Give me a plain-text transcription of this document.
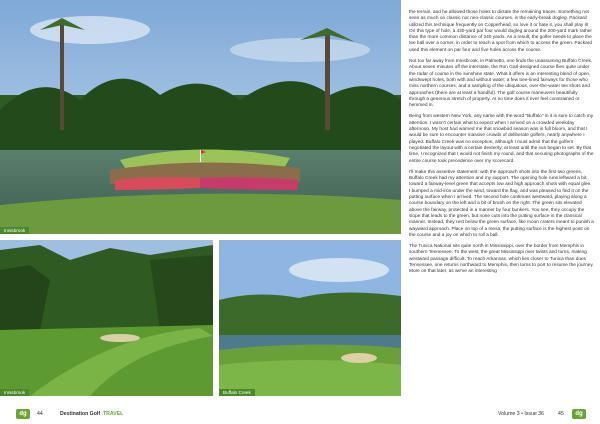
Innisbrook
Innisbrook	Buffalo Creek

the terrain, and he allowed those holes to dictate the remaining traces. Something not seen as much on classic nor neo-classic courses, is the early-break dogleg. Packard utilized this technique frequently on Copperhead, so love it or hate it, you shall play it! On this type of hole, a 430-yard par four would dogleg around the 200-yard mark rather than the more common distance of 240 yards. As a result, the golfer needs to place the tee ball over a corner, in order to reach a spot from which to access the green. Packard used this element on par four and five holes across the course.

Not too far away from Innisbrook, in Palmetto, one finds the unassuming Buffalo Creek. About seven minutes off the interstate, the Ron Garl-designed course flies quite under the radar of course in the sunshine state. What it offers is an interesting blend of open, windswept holes, both with and without water; a few tree-lined fairways for those who miss northern courses, and a sampling of the ubiquitous, over-the-water tee shots and approaches (there are at least a handful). The golf course maneuvers beautifully through a generous stretch of property. At no time does it ever feel constrained or hemmed in.

Being from western New York, any name with the word "Buffalo" in it is sure to catch my attention. I wasn't certain what to expect when I arrived on a crowded weekday afternoon. My host had warned me that snowbird season was in full bloom, and that I would be sure to encounter massive crowds of deliberate golfers, nearly anywhere I played. Buffalo Creek was no exception, although I must admit that the golfers negotiated the layout with a certain dexterity, at least until the sun began to set. By that time, I recognized that I would not finish my round, and that securing photographs of the entire course took precedence over my scorecard.

I'll make this assertive statement: with the approach shots into the first two greens, Buffalo Creek had my attention and my support. The opening hole runs leftward a bit, toward a fairway-level green that accepts low and high approach shots with equal glee. I bumped a mid-iron under the wind, toward the flag, and was pleased to find it on the putting surface when I arrived. The second hole continues westward, playing along a course boundary on the left and a bit of brush on the right. The green sits elevated above the fairway, protected in a manner by four bunkers. You see, they occupy the slope that leads to the green, but none cuts into the putting surface in the classical manner. Instead, they rest below the green surface, like moon craters meant to punish a wayward approach. Place on top of a mesa, the putting surface is the highest point on the course and a joy on which to roll a ball.

The Tunica National sits quite north in Mississippi, over the border from Memphis in southern Tennessee. To the west, the great Mississippi river twists and turns, making westward passage difficult. To reach Arkansas, which lies closer to Tunica than does Tennessee, one returns northward to Memphis, then turns to port to resume the journey. More on that later, as we've an interesting

dg	44	Destination Golf .TRAVEL	Volume 3 • Issue 36	45	dg
